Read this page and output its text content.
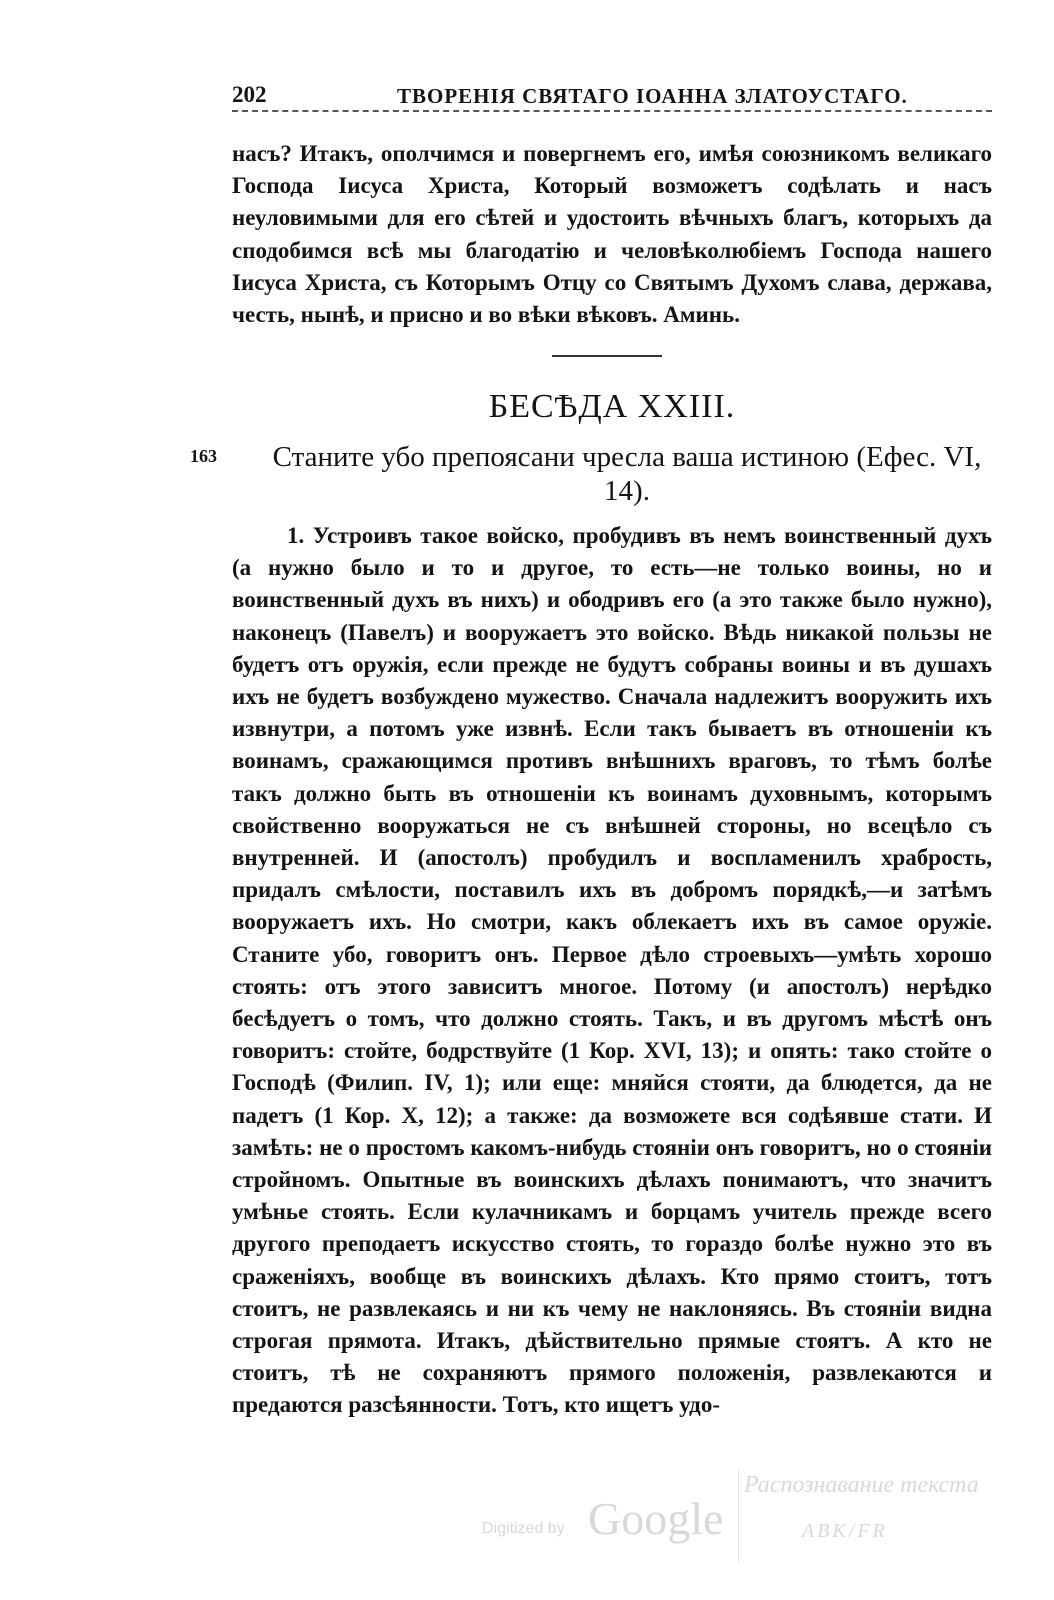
202	ТВОРЕНІЯ СВЯТАГО ІОАННА ЗЛАТОУСТАГО.

насъ? Итакъ, ополчимся и повергнемъ его, имѣя союзникомъ великаго Господа Іисуса Христа, Который возможетъ содѣлать и насъ неуловимыми для его сѣтей и удостоить вѣчныхъ благъ, которыхъ да сподобимся всѣ мы благодатію и человѣколюбіемъ Господа нашего Іисуса Христа, съ Которымъ Отцу со Святымъ Духомъ слава, держава, честь, нынѣ, и присно и во вѣки вѣковъ. Аминь.

БЕСѢДА XXIII.
163	Станите убо препоясани чресла ваша истиною (Ефес. VI, 14).

1. Устроивъ такое войско, пробудивъ въ немъ воинственный духъ (а нужно было и то и другое, то есть—не только воины, но и воинственный духъ въ нихъ) и ободривъ его (а это также было нужно), наконецъ (Павелъ) и вооружаетъ это войско. Вѣдь никакой пользы не будетъ отъ оружія, если прежде не будутъ собраны воины и въ душахъ ихъ не будетъ возбуждено мужество. Сначала надлежитъ вооружить ихъ извнутри, а потомъ уже извнѣ. Если такъ бываетъ въ отношеніи къ воинамъ, сражающимся противъ внѣшнихъ враговъ, то тѣмъ болѣе такъ должно быть въ отношеніи къ воинамъ духовнымъ, которымъ свойственно вооружаться не съ внѣшней стороны, но всецѣло съ внутренней. И (апостолъ) пробудилъ и воспламенилъ храбрость, придалъ смѣлости, поставилъ ихъ въ добромъ порядкѣ,—и затѣмъ вооружаетъ ихъ. Но смотри, какъ облекаетъ ихъ въ самое оружіе. Станите убо, говоритъ онъ. Первое дѣло строевыхъ—умѣть хорошо стоять: отъ этого зависитъ многое. Потому (и апостолъ) нерѣдко бесѣдуетъ о томъ, что должно стоять. Такъ, и въ другомъ мѣстѣ онъ говоритъ: стойте, бодрствуйте (1 Кор. XVI, 13); и опять: тако стойте о Господѣ (Филип. IV, 1); или еще: мняйся стояти, да блюдется, да не падетъ (1 Кор. X, 12); а также: да возможете вся содѣявше стати. И замѣть: не о простомъ какомъ-нибудь стояніи онъ говоритъ, но о стояніи стройномъ. Опытные въ воинскихъ дѣлахъ понимаютъ, что значитъ умѣнье стоять. Если кулачникамъ и борцамъ учитель прежде всего другого преподаетъ искусство стоять, то гораздо болѣе нужно это въ сраженіяхъ, вообще въ воинскихъ дѣлахъ. Кто прямо стоитъ, тотъ стоитъ, не развлекаясь и ни къ чему не наклоняясь. Въ стояніи видна строгая прямота. Итакъ, дѣйствительно прямые стоятъ. А кто не стоитъ, тѣ не сохраняютъ прямого положенія, развлекаются и предаются разсѣянности. Тотъ, кто ищетъ удо-

Digitized by Google
Распознавание текста
ABK/FR
